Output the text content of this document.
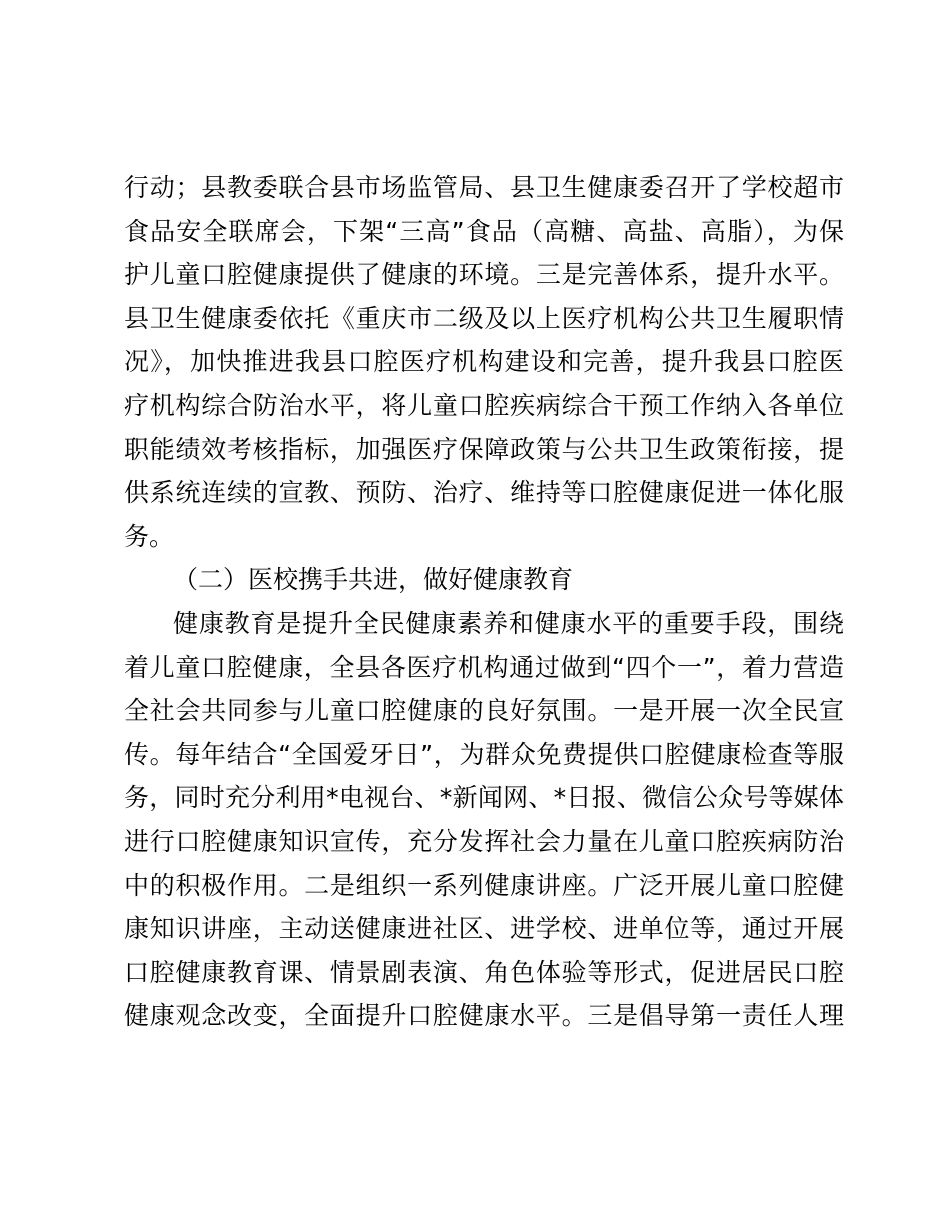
行动；县教委联合县市场监管局、县卫生健康委召开了学校超市
食品安全联席会，下架“三高”食品（高糖、高盐、高脂），为保
护儿童口腔健康提供了健康的环境。三是完善体系，提升水平。
县卫生健康委依托《重庆市二级及以上医疗机构公共卫生履职情
况》，加快推进我县口腔医疗机构建设和完善，提升我县口腔医
疗机构综合防治水平，将儿童口腔疾病综合干预工作纳入各单位
职能绩效考核指标，加强医疗保障政策与公共卫生政策衔接，提
供系统连续的宣教、预防、治疗、维持等口腔健康促进一体化服
务。
（二）医校携手共进，做好健康教育
健康教育是提升全民健康素养和健康水平的重要手段，围绕
着儿童口腔健康，全县各医疗机构通过做到“四个一”，着力营造
全社会共同参与儿童口腔健康的良好氛围。一是开展一次全民宣
传。每年结合“全国爱牙日”，为群众免费提供口腔健康检查等服
务，同时充分利用*电视台、*新闻网、*日报、微信公众号等媒体
进行口腔健康知识宣传，充分发挥社会力量在儿童口腔疾病防治
中的积极作用。二是组织一系列健康讲座。广泛开展儿童口腔健
康知识讲座，主动送健康进社区、进学校、进单位等，通过开展
口腔健康教育课、情景剧表演、角色体验等形式，促进居民口腔
健康观念改变，全面提升口腔健康水平。三是倡导第一责任人理
